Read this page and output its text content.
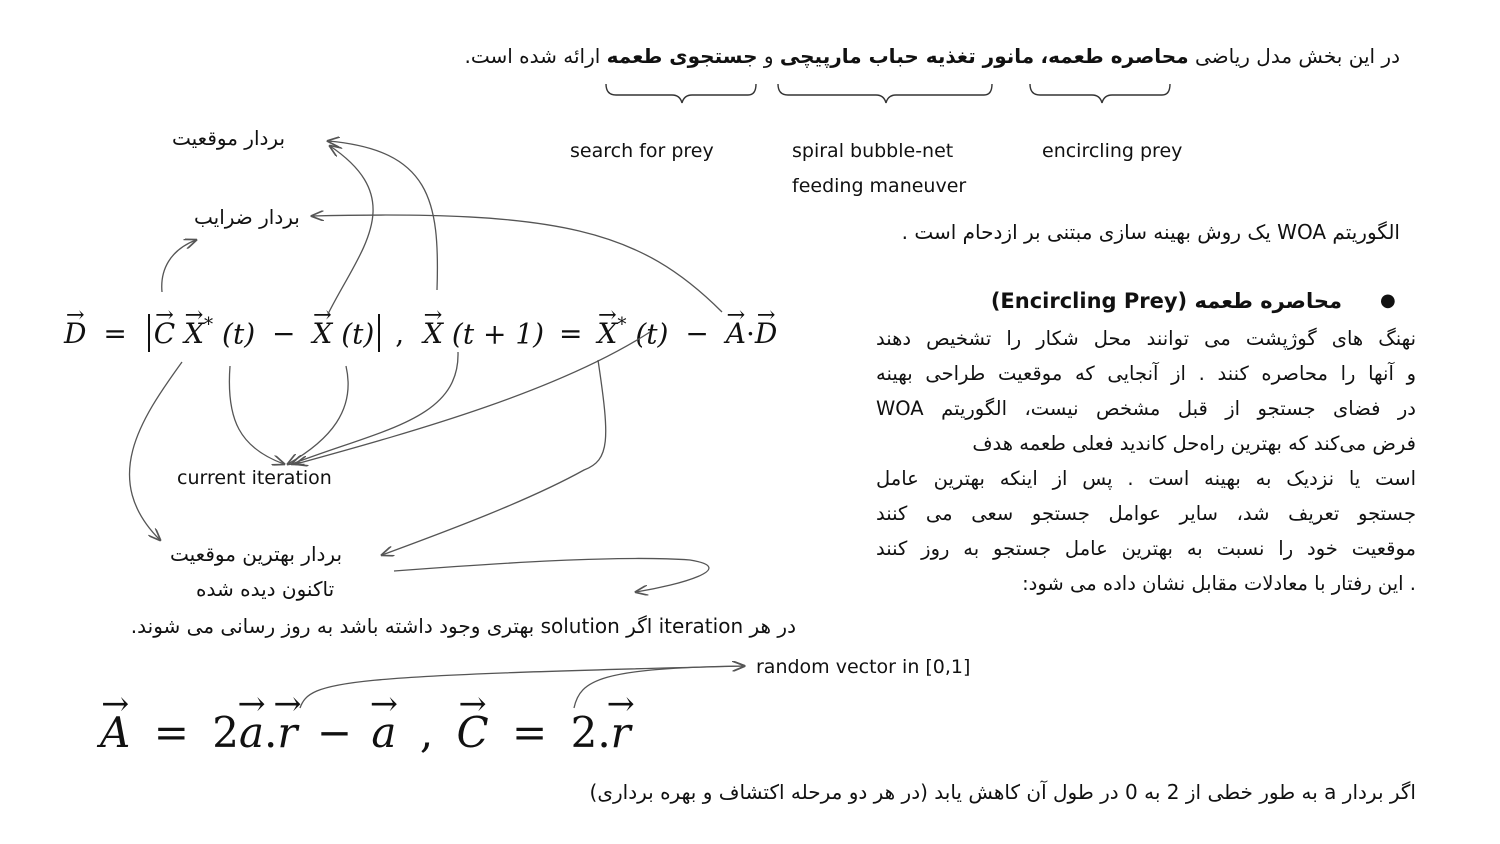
در این بخش مدل ریاضی محاصره طعمه، مانور تغذیه حباب مارپیچی و جستجوی طعمه ارائه شده است.
search for prey	spiral bubble-net
feeding maneuver
encircling prey
الگوریتم WOA یک روش بهینه سازی مبتنی بر ازدحام است .
●
محاصره طعمه (Encircling Prey)
نهنگ های گوژپشت می توانند محل شکار را تشخیص دهند
و آنها را محاصره کنند . از آنجایی که موقعیت طراحی بهینه
در فضای جستجو از قبل مشخص نیست، الگوریتم WOA
فرض می‌کند که بهترین راه‌حل کاندید فعلی طعمه هدف
است یا نزدیک به بهینه است . پس از اینکه بهترین عامل
جستجو تعریف شد، سایر عوامل جستجو سعی می کنند
موقعیت خود را نسبت به بهترین عامل جستجو به روز کنند
. این رفتار با معادلات مقابل نشان داده می شود:
بردار موقعیت
بردار ضرایب
current iteration
بردار بهترین موقعیت
تاکنون دیده شده
در هر iteration اگر solution بهتری وجود داشته باشد به روز رسانی می شوند.
random vector in [0,1]
→ D = → C → X* (t) − → X (t) , → X (t + 1) = → X* (t) − → A·→ D
→ A = 2→ a.→ r − → a , → C = 2.→ r
اگر بردار a به طور خطی از 2 به 0 در طول آن کاهش یابد (در هر دو مرحله اکتشاف و بهره برداری)
